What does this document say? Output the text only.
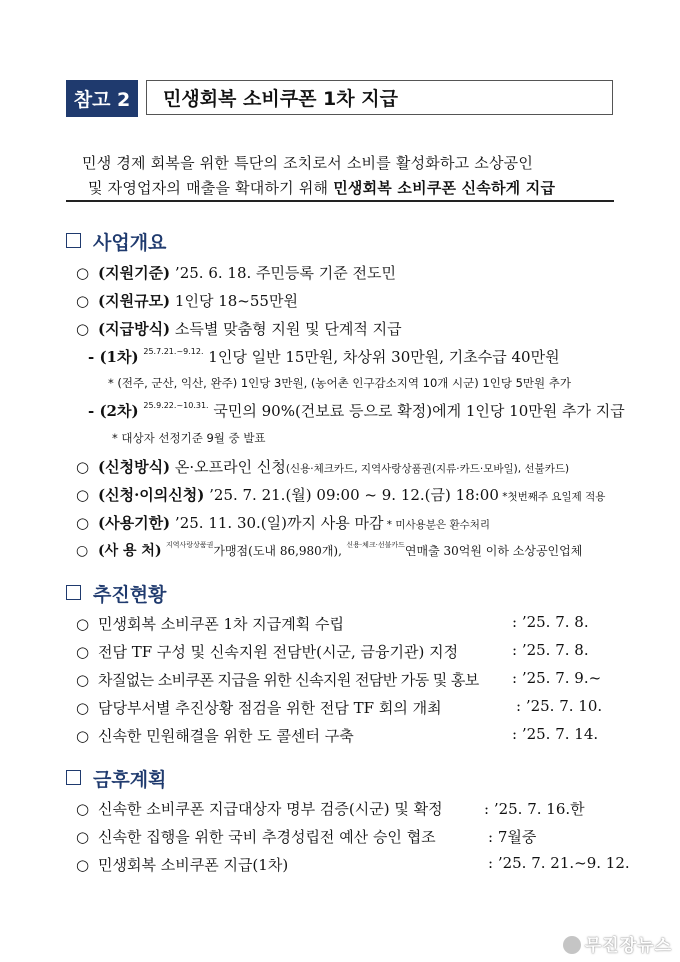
참고 2	민생회복 소비쿠폰 1차 지급
민생 경제 회복을 위한 특단의 조치로서 소비를 활성화하고 소상공인
및 자영업자의 매출을 확대하기 위해 민생회복 소비쿠폰 신속하게 지급
사업개요
○ (지원기준) ’25. 6. 18. 주민등록 기준 전도민
○ (지원규모) 1인당 18~55만원
○ (지급방식) 소득별 맞춤형 지원 및 단계적 지급
- (1차) $^{25.7.21.\sim 9.12.}$ 1인당 일반 15만원, 차상위 30만원, 기초수급 40만원
* (전주, 군산, 익산, 완주) 1인당 3만원, (농어촌 인구감소지역 10개 시군) 1인당 5만원 추가
- (2차) $^{25.9.22.\sim 10.31.}$ 국민의 90%(건보료 등으로 확정)에게 1인당 10만원 추가 지급
* 대상자 선정기준 9월 중 발표
○ (신청방식) 온·오프라인 신청(신용·체크카드, 지역사랑상품권(지류·카드·모바일), 선불카드)
○ (신청·이의신청) ’25. 7. 21.(월) 09:00 ~ 9. 12.(금) 18:00 *첫번째주 요일제 적용
○ (사용기한) ’25. 11. 30.(일)까지 사용 마감 * 미사용분은 환수처리
○ (사 용 처) $^{지역사랑상품권}$가맹점(도내 86,980개), $^{신용\cdot 체크\cdot 선불카드}$연매출 30억원 이하 소상공인업체
추진현황
○ 민생회복 소비쿠폰 1차 지급계획 수립	: ’25. 7. 8.
○ 전담 TF 구성 및 신속지원 전담반(시군, 금융기관) 지정	: ’25. 7. 8.
○ 차질없는 소비쿠폰 지급을 위한 신속지원 전담반 가동 및 홍보 : ’25. 7. 9.~
○ 담당부서별 추진상황 점검을 위한 전담 TF 회의 개최	: ’25. 7. 10.
○ 신속한 민원해결을 위한 도 콜센터 구축	: ’25. 7. 14.
금후계획
○ 신속한 소비쿠폰 지급대상자 명부 검증(시군) 및 확정	: ’25. 7. 16.한
○ 신속한 집행을 위한 국비 추경성립전 예산 승인 협조	: 7월중
○ 민생회복 소비쿠폰 지급(1차)	: ’25. 7. 21.~9. 12.
무진장뉴스
